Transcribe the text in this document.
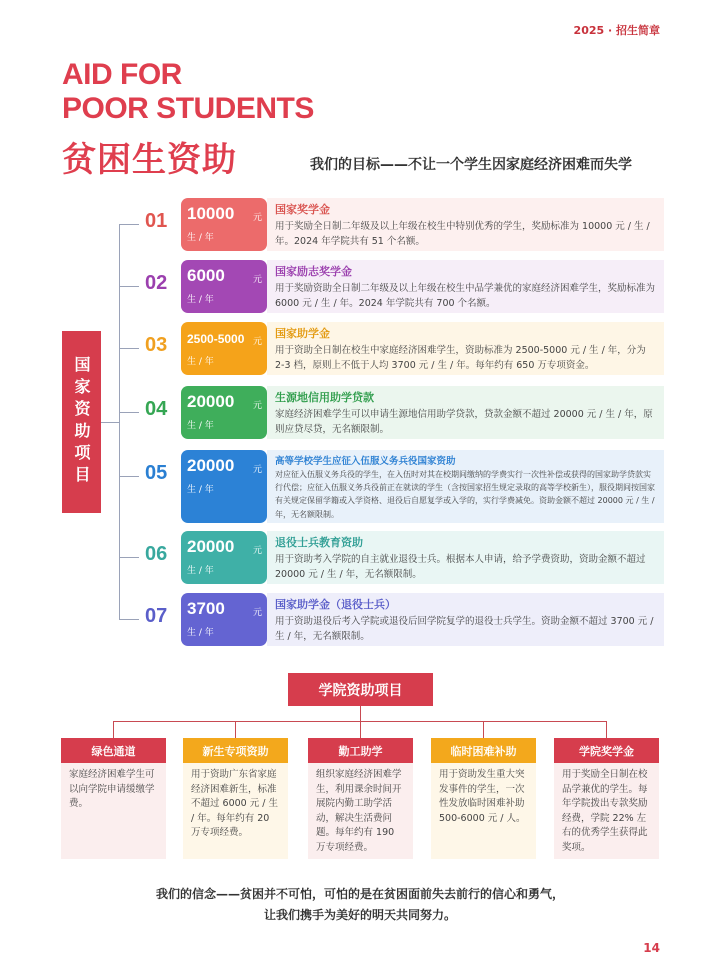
2025 · 招生简章
AID FOR
POOR STUDENTS
贫困生资助	我们的目标——不让一个学生因家庭经济困难而失学
国家资助项目
01 10000 元
生 / 年
国家奖学金
用于奖励全日制二年级及以上年级在校生中特别优秀的学生，奖励标准为 10000 元 / 生 / 年。2024 年学院共有 51 个名额。
02 6000	元
生 / 年
国家励志奖学金
用于奖励资助全日制二年级及以上年级在校生中品学兼优的家庭经济困难学生，奖励标准为 6000 元 / 生 / 年。2024 年学院共有 700 个名额。
03 2500-5000 元
生 / 年
国家助学金
用于资助全日制在校生中家庭经济困难学生，资助标准为 2500-5000 元 / 生 / 年，分为 2-3 档，原则上不低于人均 3700 元 / 生 / 年。每年约有 650 万专项资金。
04 20000 元
生 / 年
生源地信用助学贷款
家庭经济困难学生可以申请生源地信用助学贷款，贷款金额不超过 20000 元 / 生 / 年，原则应贷尽贷，无名额限制。
05 20000 元
生 / 年
高等学校学生应征入伍服义务兵役国家资助
对应征入伍服义务兵役的学生，在入伍时对其在校期间缴纳的学费实行一次性补偿或获得的国家助学贷款实行代偿；应征入伍服义务兵役前正在就读的学生（含按国家招生规定录取的高等学校新生），服役期间按国家有关规定保留学籍或入学资格、退役后自愿复学或入学的，实行学费减免。资助金额不超过 20000 元 / 生 / 年，无名额限制。
06 20000 元
生 / 年
退役士兵教育资助
用于资助考入学院的自主就业退役士兵。根据本人申请，给予学费资助，资助金额不超过 20000 元 / 生 / 年，无名额限制。
07 3700	元
生 / 年
国家助学金（退役士兵）
用于资助退役后考入学院或退役后回学院复学的退役士兵学生。资助金额不超过 3700 元 / 生 / 年，无名额限制。
学院资助项目
绿色通道
家庭经济困难学生可以向学院申请缓缴学费。
新生专项资助
用于资助广东省家庭经济困难新生，标准不超过 6000 元 / 生 / 年。每年约有 20 万专项经费。
勤工助学
组织家庭经济困难学生，利用课余时间开展院内勤工助学活动，解决生活费问题。每年约有 190 万专项经费。
临时困难补助
用于资助发生重大突发事件的学生，一次性发放临时困难补助 500-6000 元 / 人。
学院奖学金
用于奖励全日制在校品学兼优的学生。每年学院拨出专款奖励经费，学院 22% 左右的优秀学生获得此奖项。
我们的信念——贫困并不可怕，可怕的是在贫困面前失去前行的信心和勇气，
让我们携手为美好的明天共同努力。
14
